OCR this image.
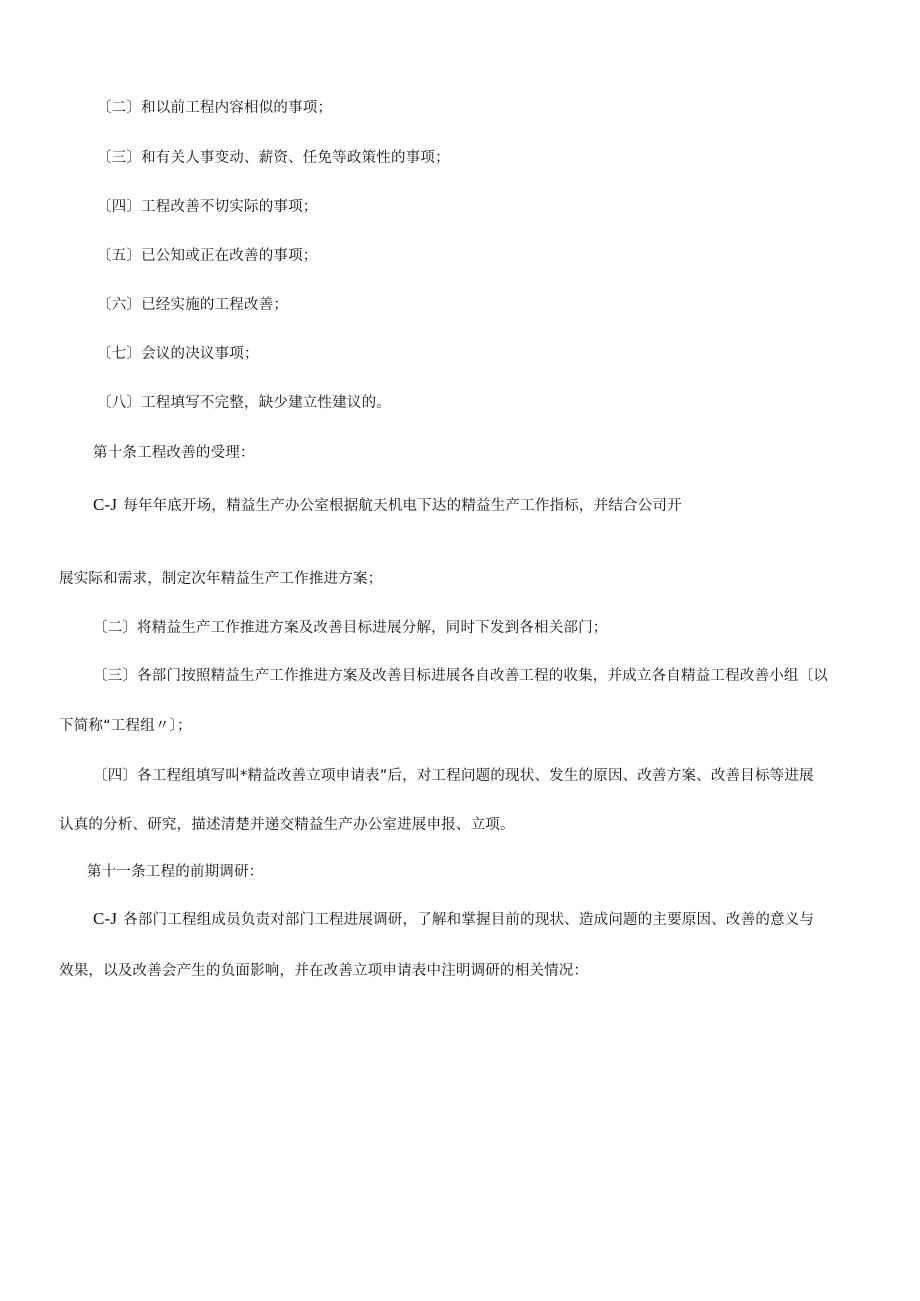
〔二〕和以前工程内容相似的事项；
〔三〕和有关人事变动、薪资、任免等政策性的事项；
〔四〕工程改善不切实际的事项；
〔五〕已公知或正在改善的事项；
〔六〕已经实施的工程改善；
〔七〕会议的决议事项；
〔八〕工程填写不完整，缺少建立性建议的。
第十条工程改善的受理：
C-J 每年年底开场，精益生产办公室根据航天机电下达的精益生产工作指标，并结合公司开
展实际和需求，制定次年精益生产工作推进方案；
〔二〕将精益生产工作推进方案及改善目标进展分解，同时下发到各相关部门；
〔三〕各部门按照精益生产工作推进方案及改善目标进展各自改善工程的收集，并成立各自精益工程改善小组〔以
下简称“工程组〃〕；
〔四〕各工程组填写叫*精益改善立项申请表”后，对工程问题的现状、发生的原因、改善方案、改善目标等进展
认真的分析、研究，描述清楚并递交精益生产办公室进展申报、立项。
第十一条工程的前期调研：
C-J 各部门工程组成员负责对部门工程进展调研，了解和掌握目前的现状、造成问题的主要原因、改善的意义与
效果，以及改善会产生的负面影响，并在改善立项申请表中注明调研的相关情况：
